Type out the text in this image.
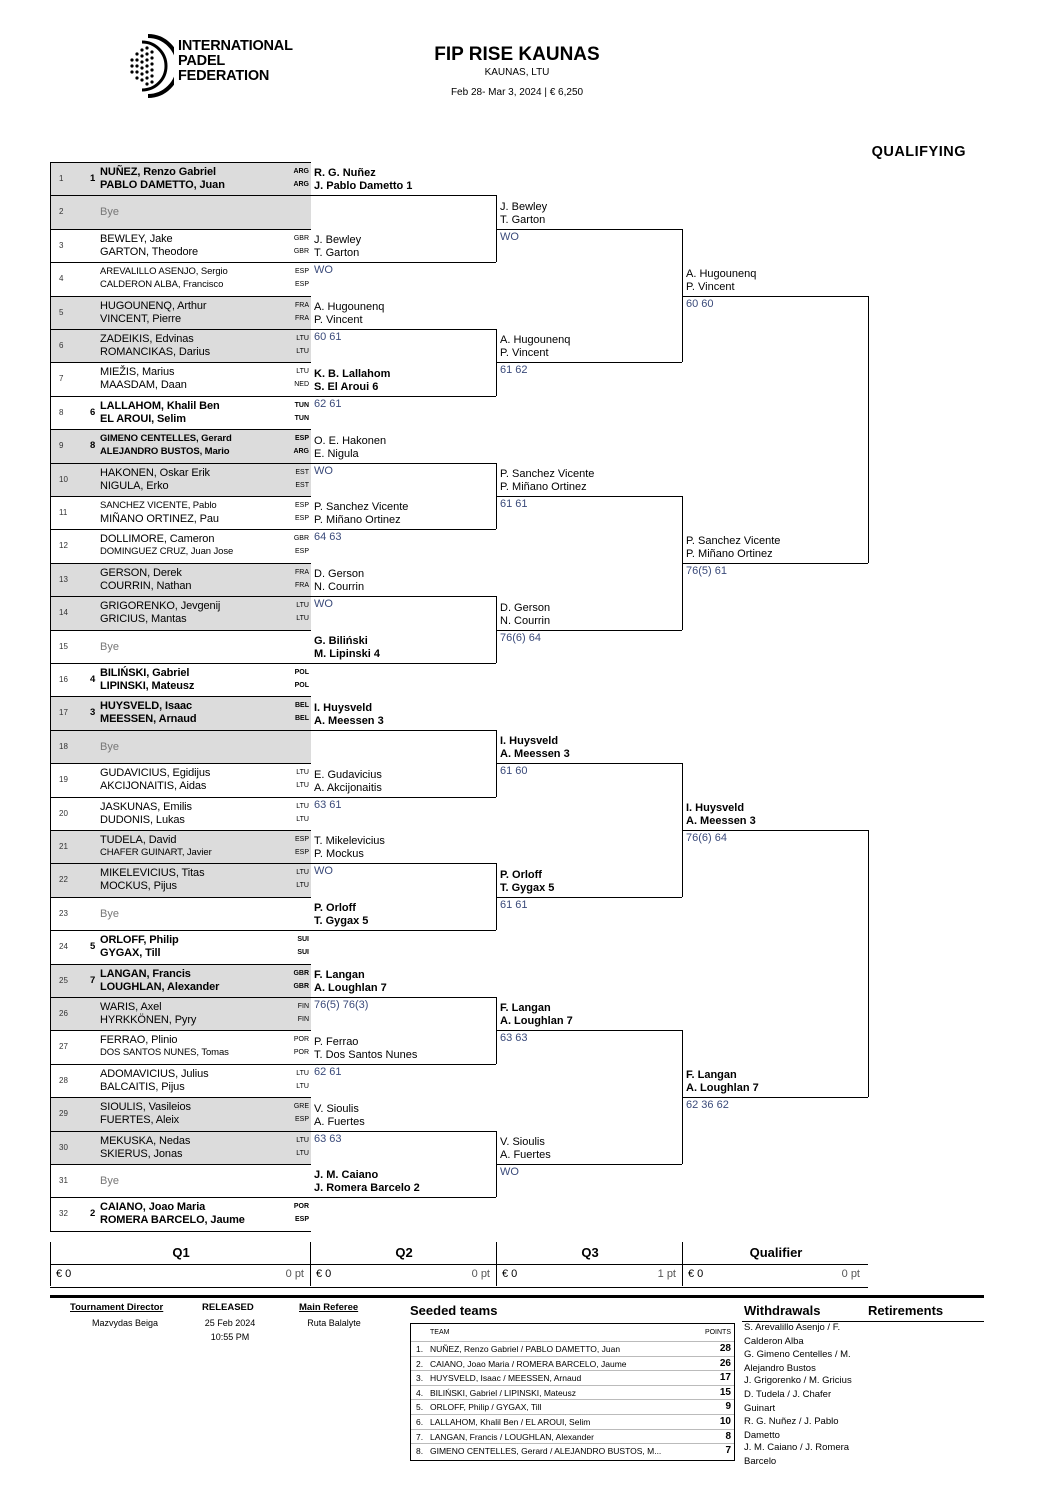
INTERNATIONAL
PADEL
FEDERATION
FIP RISE KAUNAS
KAUNAS, LTU
Feb 28- Mar 3, 2024 | € 6,250
QUALIFYING
1	1
NUÑEZ, Renzo Gabriel
PABLO DAMETTO, Juan
ARG
ARG
2	Bye
3
BEWLEY, Jake
GARTON, Theodore
GBR
GBR
4
AREVALILLO ASENJO, Sergio
CALDERON ALBA, Francisco
ESP
ESP
5
HUGOUNENQ, Arthur
VINCENT, Pierre
FRA
FRA
6
ZADEIKIS, Edvinas
ROMANCIKAS, Darius
LTU
LTU
7
MIEŽIS, Marius
MAASDAM, Daan
LTU
NED
8	6
LALLAHOM, Khalil Ben
EL AROUI, Selim
TUN
TUN
9	8
GIMENO CENTELLES, Gerard
ALEJANDRO BUSTOS, Mario
ESP
ARG
10
HAKONEN, Oskar Erik
NIGULA, Erko
EST
EST
11
SANCHEZ VICENTE, Pablo
MIÑANO ORTINEZ, Pau
ESP
ESP
12
DOLLIMORE, Cameron
DOMINGUEZ CRUZ, Juan Jose
GBR
ESP
13
GERSON, Derek
COURRIN, Nathan
FRA
FRA
14
GRIGORENKO, Jevgenij
GRICIUS, Mantas
LTU
LTU
15	Bye
16 4
BILIŃSKI, Gabriel
LIPINSKI, Mateusz
POL
POL
17 3
HUYSVELD, Isaac
MEESSEN, Arnaud
BEL
BEL
18	Bye
19
GUDAVICIUS, Egidijus
AKCIJONAITIS, Aidas
LTU
LTU
20
JASKUNAS, Emilis
DUDONIS, Lukas
LTU
LTU
21
TUDELA, David
CHAFER GUINART, Javier
ESP
ESP
22
MIKELEVICIUS, Titas
MOCKUS, Pijus
LTU
LTU
23	Bye
24 5
ORLOFF, Philip
GYGAX, Till
SUI
SUI
25 7
LANGAN, Francis
LOUGHLAN, Alexander
GBR
GBR
26
WARIS, Axel
HYRKKÖNEN, Pyry
FIN
FIN
27
FERRAO, Plinio
DOS SANTOS NUNES, Tomas
POR
POR
28
ADOMAVICIUS, Julius
BALCAITIS, Pijus
LTU
LTU
29
SIOULIS, Vasileios
FUERTES, Aleix
GRE
ESP
30
MEKUSKA, Nedas
SKIERUS, Jonas
LTU
LTU
31	Bye
32 2
CAIANO, Joao Maria
ROMERA BARCELO, Jaume
POR
ESP
R. G. Nuñez
J. Pablo Dametto 1
J. Bewley
T. Garton
WO
A. Hugounenq
P. Vincent
60 61
K. B. Lallahom
S. El Aroui 6
62 61
O. E. Hakonen
E. Nigula
WO
P. Sanchez Vicente
P. Miñano Ortinez
64 63
D. Gerson
N. Courrin
WO
G. Biliński
M. Lipinski 4
I. Huysveld
A. Meessen 3
E. Gudavicius
A. Akcijonaitis
63 61
T. Mikelevicius
P. Mockus
WO
P. Orloff
T. Gygax 5
F. Langan
A. Loughlan 7
76(5) 76(3)
P. Ferrao
T. Dos Santos Nunes
62 61
V. Sioulis
A. Fuertes
63 63
J. M. Caiano
J. Romera Barcelo 2
J. Bewley
T. Garton
WO
A. Hugounenq
P. Vincent
61 62
P. Sanchez Vicente
P. Miñano Ortinez
61 61
D. Gerson
N. Courrin
76(6) 64
I. Huysveld
A. Meessen 3
61 60
P. Orloff
T. Gygax 5
61 61
F. Langan
A. Loughlan 7
63 63
V. Sioulis
A. Fuertes
WO
A. Hugounenq
P. Vincent
60 60
P. Sanchez Vicente
P. Miñano Ortinez
76(5) 61
I. Huysveld
A. Meessen 3
76(6) 64
F. Langan
A. Loughlan 7
62 36 62
Q1	Q2	Q3	Qualifier
€ 0	0 pt € 0	0 pt € 0	1 pt € 0	0 pt
Tournament Director
Mazvydas Beiga
RELEASED
25 Feb 2024
10:55 PM
Main Referee
Ruta Balalyte
Seeded teams
TEAM	POINTS
1. NUÑEZ, Renzo Gabriel / PABLO DAMETTO, Juan	28
2. CAIANO, Joao Maria / ROMERA BARCELO, Jaume	26
3. HUYSVELD, Isaac / MEESSEN, Arnaud	17
4. BILIŃSKI, Gabriel / LIPINSKI, Mateusz	15
5. ORLOFF, Philip / GYGAX, Till	9
6. LALLAHOM, Khalil Ben / EL AROUI, Selim	10
7. LANGAN, Francis / LOUGHLAN, Alexander	8
8. GIMENO CENTELLES, Gerard / ALEJANDRO BUSTOS, M...	7
Withdrawals
S. Arevalillo Asenjo / F. Calderon Alba
G. Gimeno Centelles / M. Alejandro Bustos
J. Grigorenko / M. Gricius
D. Tudela / J. Chafer Guinart
R. G. Nuñez / J. Pablo Dametto
J. M. Caiano / J. Romera Barcelo
Retirements
